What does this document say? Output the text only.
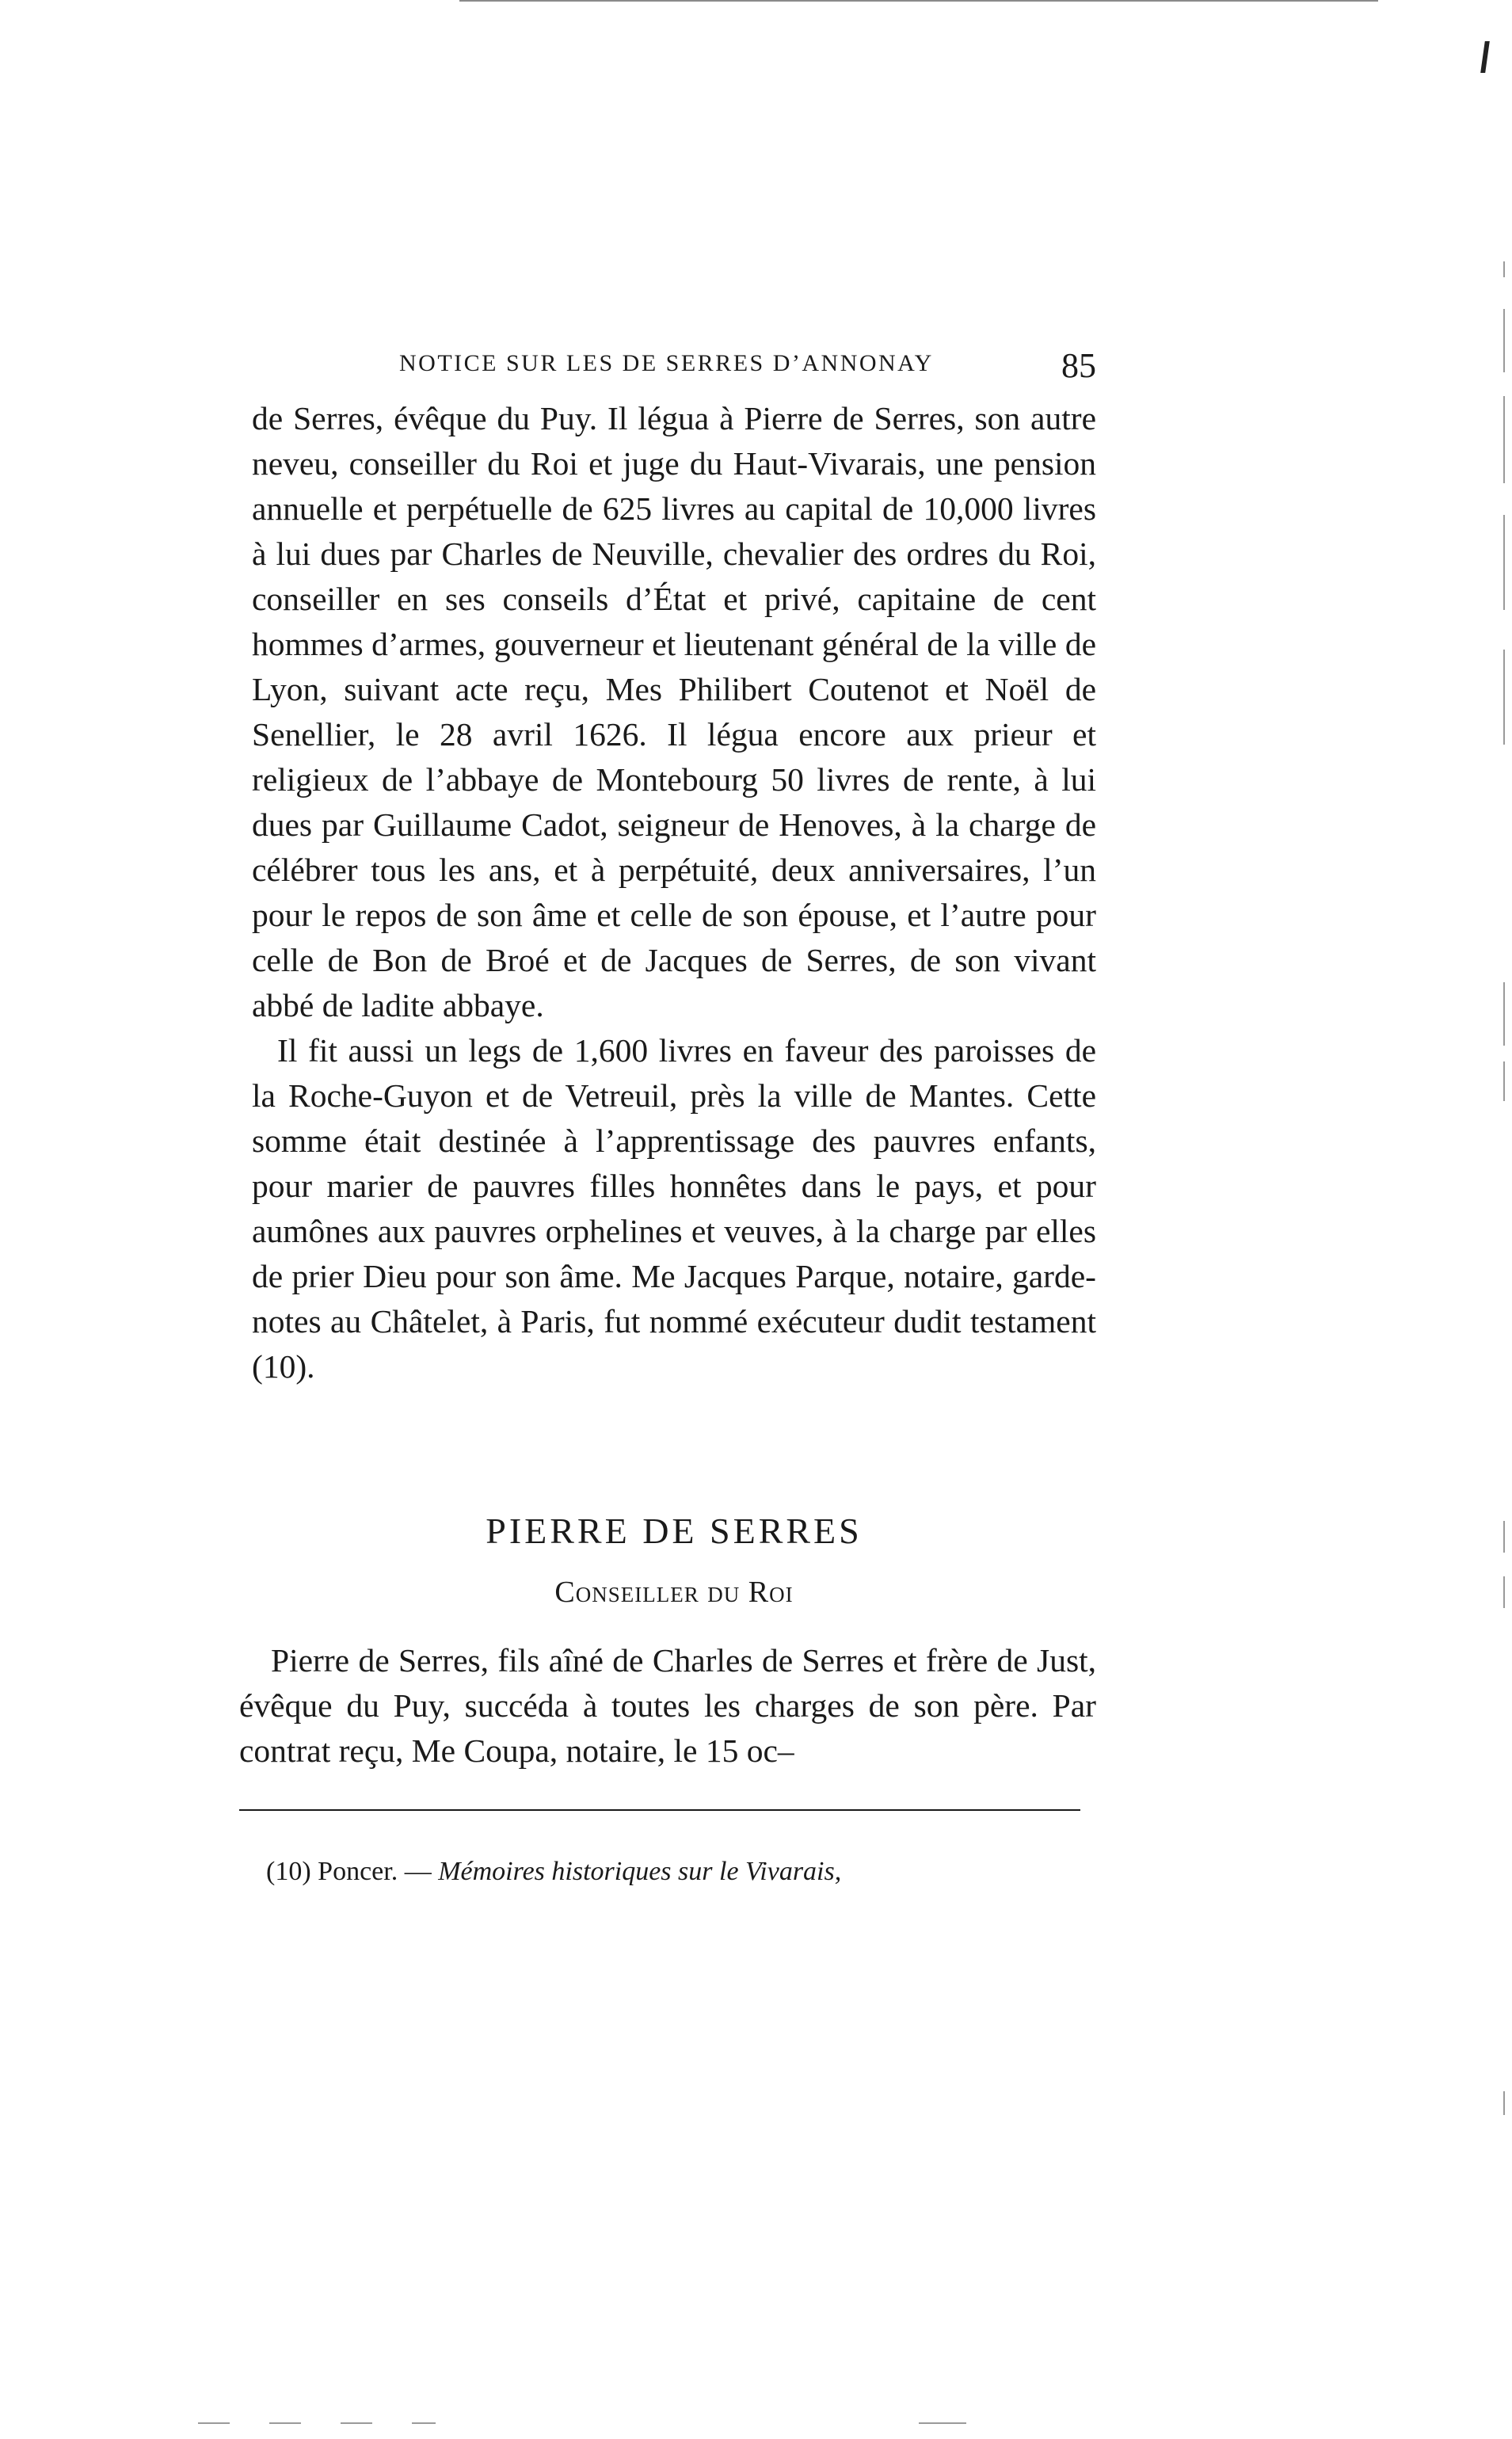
NOTICE SUR LES DE SERRES D’ANNONAY	85

de Serres, évêque du Puy. Il légua à Pierre de Serres, son autre neveu, conseiller du Roi et juge du Haut-Vivarais, une pension annuelle et perpétuelle de 625 livres au capital de 10,000 livres à lui dues par Charles de Neuville, chevalier des ordres du Roi, conseiller en ses conseils d’État et privé, capitaine de cent hommes d’armes, gouverneur et lieutenant général de la ville de Lyon, suivant acte reçu, Mes Philibert Coutenot et Noël de Senellier, le 28 avril 1626. Il légua encore aux prieur et religieux de l’abbaye de Montebourg 50 livres de rente, à lui dues par Guillaume Cadot, seigneur de Henoves, à la charge de célébrer tous les ans, et à perpétuité, deux anniversaires, l’un pour le repos de son âme et celle de son épouse, et l’autre pour celle de Bon de Broé et de Jacques de Serres, de son vivant abbé de ladite abbaye.

Il fit aussi un legs de 1,600 livres en faveur des paroisses de la Roche-Guyon et de Vetreuil, près la ville de Mantes. Cette somme était destinée à l’apprentissage des pauvres enfants, pour marier de pauvres filles honnêtes dans le pays, et pour aumônes aux pauvres orphelines et veuves, à la charge par elles de prier Dieu pour son âme. Me Jacques Parque, notaire, garde-notes au Châtelet, à Paris, fut nommé exécuteur dudit testament (10).

PIERRE DE SERRES
Conseiller du Roi

Pierre de Serres, fils aîné de Charles de Serres et frère de Just, évêque du Puy, succéda à toutes les charges de son père. Par contrat reçu, Me Coupa, notaire, le 15 oc–

(10) Poncer. — Mémoires historiques sur le Vivarais,
